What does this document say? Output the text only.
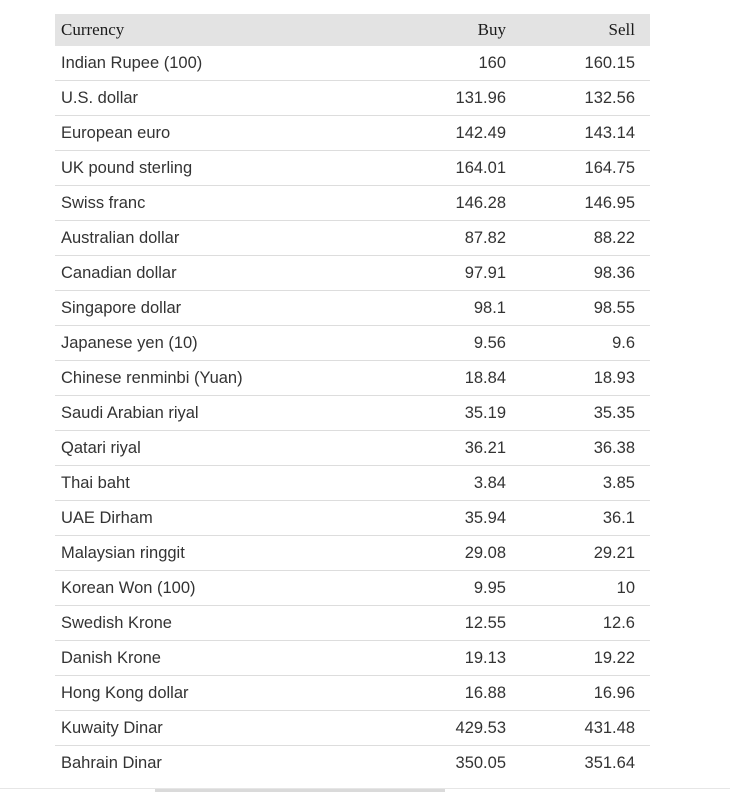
Currency	Buy	Sell
Indian Rupee (100)	160	160.15
U.S. dollar	131.96	132.56
European euro	142.49	143.14
UK pound sterling	164.01	164.75
Swiss franc	146.28	146.95
Australian dollar	87.82	88.22
Canadian dollar	97.91	98.36
Singapore dollar	98.1	98.55
Japanese yen (10)	9.56	9.6
Chinese renminbi (Yuan)	18.84	18.93
Saudi Arabian riyal	35.19	35.35
Qatari riyal	36.21	36.38
Thai baht	3.84	3.85
UAE Dirham	35.94	36.1
Malaysian ringgit	29.08	29.21
Korean Won (100)	9.95	10
Swedish Krone	12.55	12.6
Danish Krone	19.13	19.22
Hong Kong dollar	16.88	16.96
Kuwaity Dinar	429.53	431.48
Bahrain Dinar	350.05	351.64
